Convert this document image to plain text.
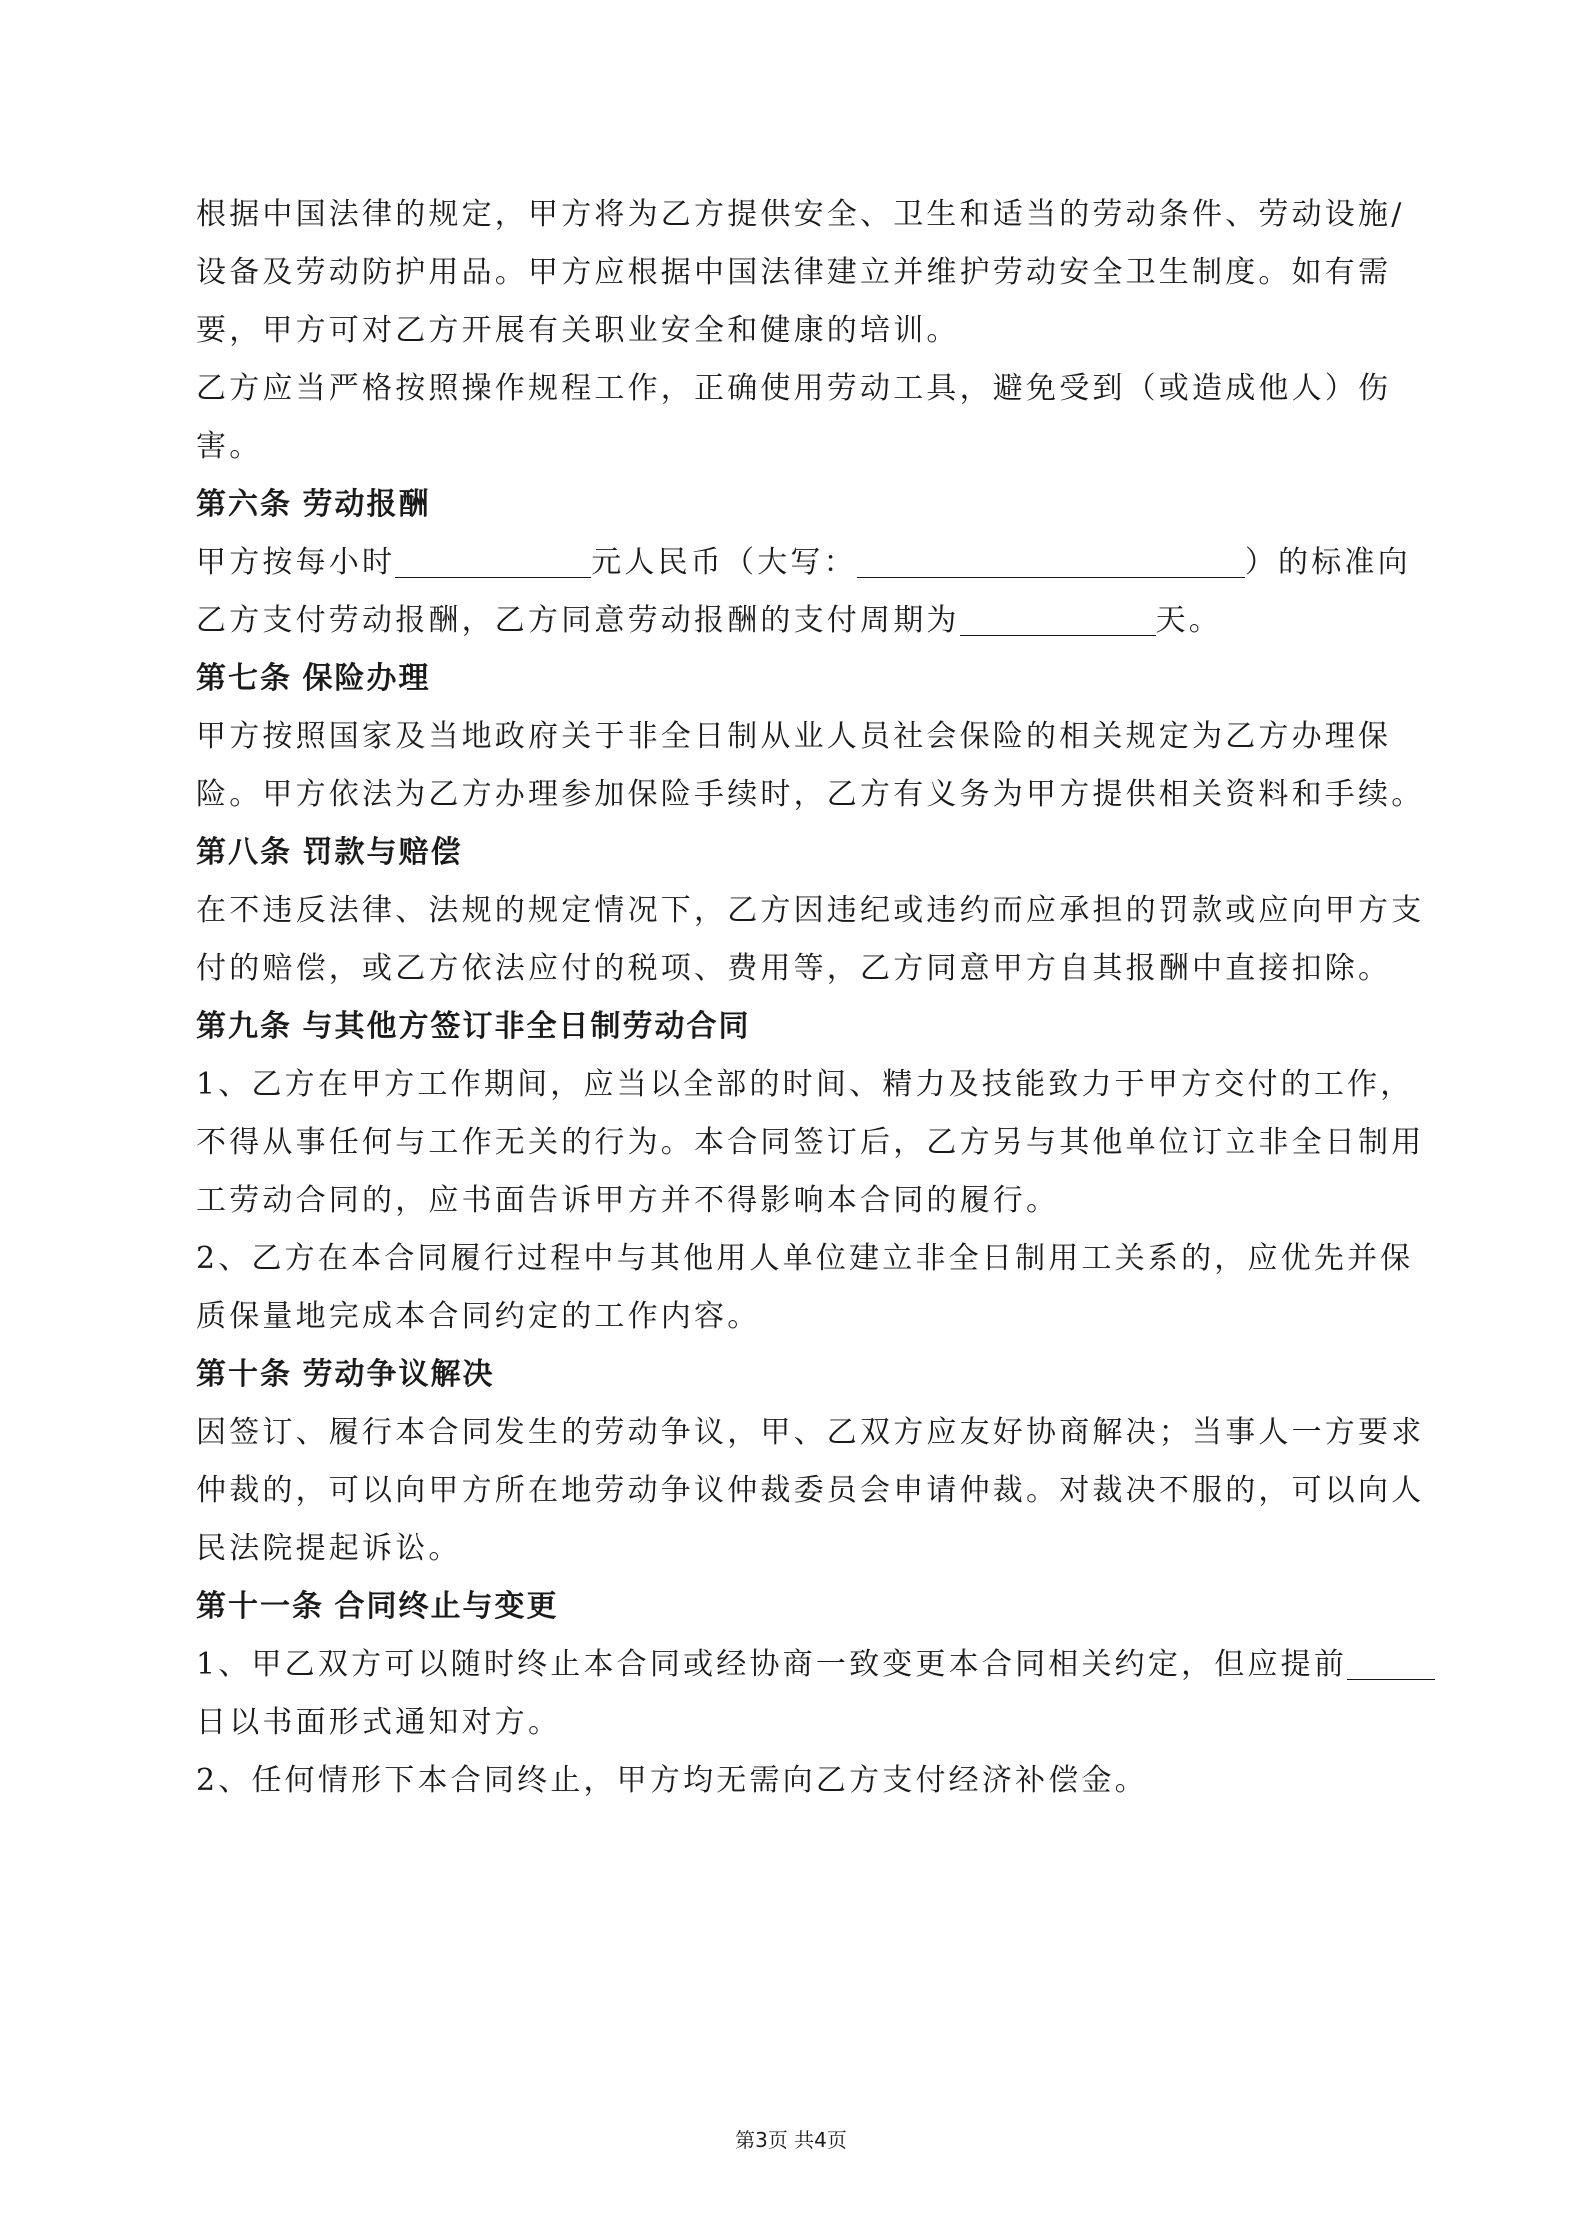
根据中国法律的规定，甲方将为乙方提供安全、卫生和适当的劳动条件、劳动设施/
设备及劳动防护用品。甲方应根据中国法律建立并维护劳动安全卫生制度。如有需
要，甲方可对乙方开展有关职业安全和健康的培训。
乙方应当严格按照操作规程工作，正确使用劳动工具，避免受到（或造成他人）伤
害。
第六条 劳动报酬
甲方按每小时	元人民币（大写：	）的标准向
乙方支付劳动报酬，乙方同意劳动报酬的支付周期为	天。
第七条 保险办理
甲方按照国家及当地政府关于非全日制从业人员社会保险的相关规定为乙方办理保
险。甲方依法为乙方办理参加保险手续时，乙方有义务为甲方提供相关资料和手续。
第八条 罚款与赔偿
在不违反法律、法规的规定情况下，乙方因违纪或违约而应承担的罚款或应向甲方支
付的赔偿，或乙方依法应付的税项、费用等，乙方同意甲方自其报酬中直接扣除。
第九条 与其他方签订非全日制劳动合同
1、乙方在甲方工作期间，应当以全部的时间、精力及技能致力于甲方交付的工作，
不得从事任何与工作无关的行为。本合同签订后，乙方另与其他单位订立非全日制用
工劳动合同的，应书面告诉甲方并不得影响本合同的履行。
2、乙方在本合同履行过程中与其他用人单位建立非全日制用工关系的，应优先并保
质保量地完成本合同约定的工作内容。
第十条 劳动争议解决
因签订、履行本合同发生的劳动争议，甲、乙双方应友好协商解决；当事人一方要求
仲裁的，可以向甲方所在地劳动争议仲裁委员会申请仲裁。对裁决不服的，可以向人
民法院提起诉讼。
第十一条 合同终止与变更
1、甲乙双方可以随时终止本合同或经协商一致变更本合同相关约定，但应提前
日以书面形式通知对方。
2、任何情形下本合同终止，甲方均无需向乙方支付经济补偿金。
第3页 共4页
